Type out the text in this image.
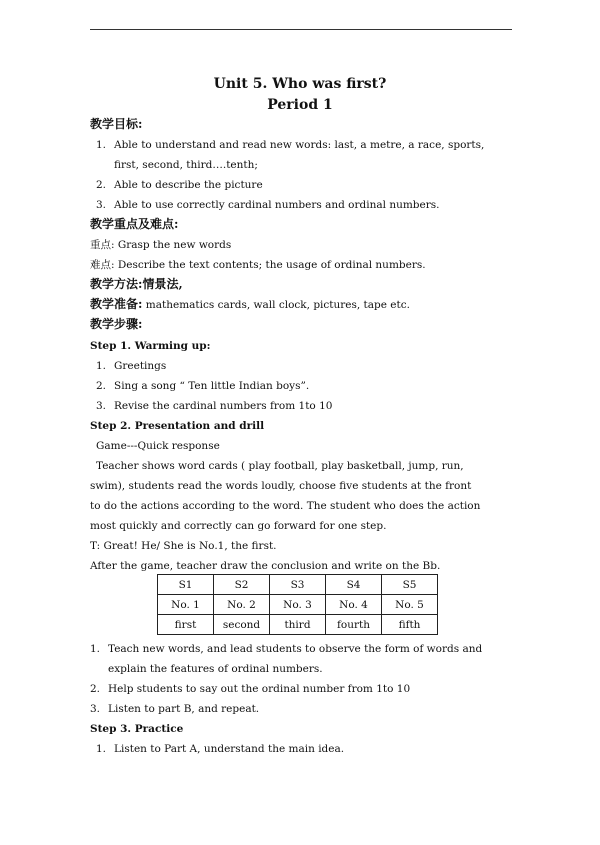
Unit 5. Who was first?
Period 1
教学目标:
1. Able to understand and read new words: last, a metre, a race, sports,
first, second, third….tenth;
2. Able to describe the picture
3. Able to use correctly cardinal numbers and ordinal numbers.
教学重点及难点:
重点: Grasp the new words
难点: Describe the text contents; the usage of ordinal numbers.
教学方法:情景法,
教学准备: mathematics cards, wall clock, pictures, tape etc.
教学步骤:
Step 1. Warming up:
1. Greetings
2. Sing a song “ Ten little Indian boys”.
3. Revise the cardinal numbers from 1to 10
Step 2. Presentation and drill
Game---Quick response
Teacher shows word cards ( play football, play basketball, jump, run,
swim), students read the words loudly, choose five students at the front
to do the actions according to the word. The student who does the action
most quickly and correctly can go forward for one step.
T: Great! He/ She is No.1, the first.
After the game, teacher draw the conclusion and write on the Bb.
S1	S2	S3	S4	S5
No. 1	No. 2	No. 3	No. 4	No. 5
first	second	third	fourth	fifth
1. Teach new words, and lead students to observe the form of words and
explain the features of ordinal numbers.
2. Help students to say out the ordinal number from 1to 10
3. Listen to part B, and repeat.
Step 3. Practice
1. Listen to Part A, understand the main idea.
